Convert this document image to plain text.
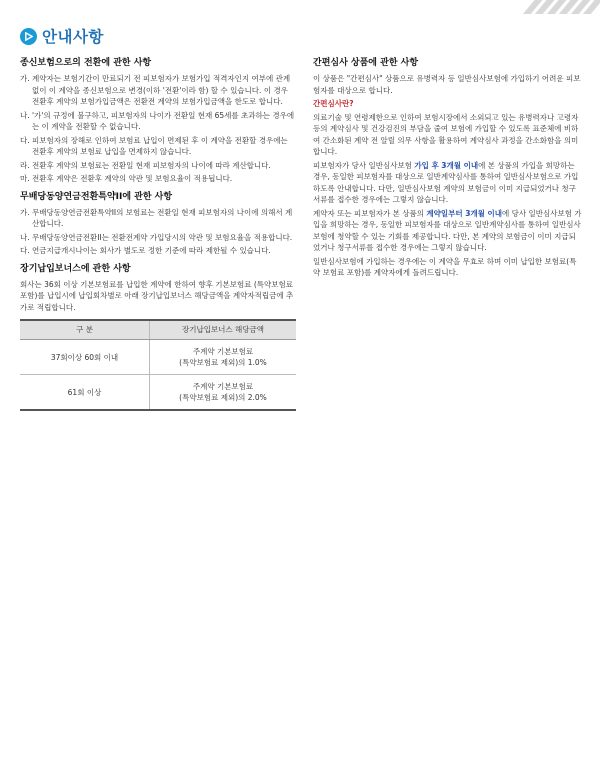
안내사항
종신보험으로의 전환에 관한 사항
가. 계약자는 보험기간이 만료되기 전 피보험자가 보험가입 적격자인지 여부에 관계없이 이 계약을 종신보험으로 변경(이하 '전환'이라 함) 할 수 있습니다. 이 경우 전환후 계약의 보험가입금액은 전환전 계약의 보험가입금액을 한도로 합니다.
나. '가'의 규정에 불구하고, 피보험자의 나이가 전환일 현재 65세를 초과하는 경우에는 이 계약을 전환할 수 없습니다.
다. 피보험자의 장해로 인하여 보험료 납입이 면제된 후 이 계약을 전환할 경우에는 전환후 계약의 보험료 납입을 면제하지 않습니다.
라. 전환후 계약의 보험료는 전환일 현재 피보험자의 나이에 따라 계산합니다.
마. 전환후 계약은 전환후 계약의 약관 및 보험요율이 적용됩니다.
무배당동양연금전환특약II에 관한 사항
가. 무배당동양연금전환특약II의 보험료는 전환일 현재 피보험자의 나이에 의해서 계산합니다.
나. 무배당동양연금전환II는 전환전계약 가입당시의 약관 및 보험요율을 적용합니다.
다. 연금지급개시나이는 회사가 별도로 정한 기준에 따라 제한될 수 있습니다.
장기납입보너스에 관한 사항

회사는 36회 이상 기본보험료를 납입한 계약에 한하여 향후 기본보험료 (특약보험료 포함)를 납입시에 납입회차별로 아래 장기납입보너스 해당금액을 계약자적립금에 추가로 적립합니다.

구 분	장기납입보너스 해당금액
37회이상 60회 이내	주계약 기본보험료
(특약보험료 제외)의 1.0%
61회 이상	주계약 기본보험료
(특약보험료 제외)의 2.0%
간편심사 상품에 관한 사항

이 상품은 "간편심사" 상품으로 유병력자 등 일반심사보험에 가입하기 어려운 피보험자를 대상으로 합니다.

간편심사란?

의료기술 및 연령제한으로 인하여 보험시장에서 소외되고 있는 유병력자나 고령자 등의 계약심사 및 건강검진의 부담을 줄여 보험에 가입할 수 있도록 표준체에 비하여 간소화된 계약 전 알릴 의무 사항을 활용하여 계약심사 과정을 간소화함을 의미합니다.

피보험자가 당사 일반심사보험 가입 후 3개월 이내에 본 상품의 가입을 희망하는 경우, 동일한 피보험자를 대상으로 일반계약심사를 통하여 일반심사보험으로 가입하도록 안내합니다. 다만, 일반심사보험 계약의 보험금이 이미 지급되었거나 청구서류를 접수한 경우에는 그렇지 않습니다.

계약자 또는 피보험자가 본 상품의 계약일부터 3개월 이내에 당사 일반심사보험 가입을 희망하는 경우, 동일한 피보험자를 대상으로 일반계약심사를 통하여 일반심사보험에 청약할 수 있는 기회를 제공합니다. 다만, 본 계약의 보험금이 이미 지급되었거나 청구서류를 접수한 경우에는 그렇지 않습니다.

일반심사보험에 가입하는 경우에는 이 계약을 무효로 하며 이미 납입한 보험료(특약 보험료 포함)를 계약자에게 돌려드립니다.
